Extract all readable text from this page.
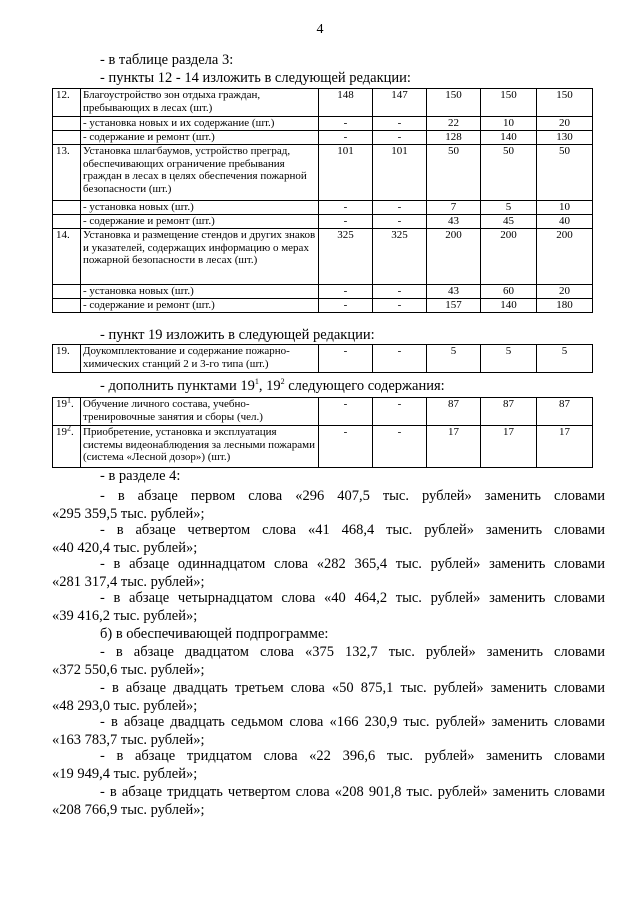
4
- в таблице раздела 3:
- пункты 12 - 14 изложить в следующей редакции:
12.	Благоустройство зон отдыха граждан, пребывающих в лесах (шт.)	148	147	150	150	150
	- установка новых и их содержание (шт.)	-	-	22	10	20
	- содержание и ремонт (шт.)	-	-	128	140	130
13.	Установка шлагбаумов, устройство преград, обеспечивающих ограничение пребывания граждан в лесах в целях обеспечения пожарной безопасности (шт.)	101	101	50	50	50
	- установка новых (шт.)	-	-	7	5	10
	- содержание и ремонт (шт.)	-	-	43	45	40
14.	Установка и размещение стендов и других знаков и указателей, содержащих информацию о мерах пожарной безопасности в лесах (шт.)	325	325	200	200	200
	- установка новых (шт.)	-	-	43	60	20
	- содержание и ремонт (шт.)	-	-	157	140	180
- пункт 19 изложить в следующей редакции:
19.	Доукомплектование и содержание пожарно-химических станций 2 и 3-го типа (шт.)	-	-	5	5	5
- дополнить пунктами $19^1$, $19^2$ следующего содержания:
$19^1$.	Обучение личного состава, учебно-тренировочные занятия и сборы (чел.)	-	-	87	87	87
$19^2$.	Приобретение, установка и эксплуатация системы видеонаблюдения за лесными пожарами (система «Лесной дозор») (шт.)	-	-	17	17	17
- в разделе 4:
- в абзаце первом слова «296 407,5 тыс. рублей» заменить словами
«295 359,5 тыс. рублей»;
- в абзаце четвертом слова «41 468,4 тыс. рублей» заменить словами
«40 420,4 тыс. рублей»;
- в абзаце одиннадцатом слова «282 365,4 тыс. рублей» заменить словами
«281 317,4 тыс. рублей»;
- в абзаце четырнадцатом слова «40 464,2 тыс. рублей» заменить словами
«39 416,2 тыс. рублей»;
б) в обеспечивающей подпрограмме:
- в абзаце двадцатом слова «375 132,7 тыс. рублей» заменить словами
«372 550,6 тыс. рублей»;
- в абзаце двадцать третьем слова «50 875,1 тыс. рублей» заменить словами
«48 293,0 тыс. рублей»;
- в абзаце двадцать седьмом слова «166 230,9 тыс. рублей» заменить словами
«163 783,7 тыс. рублей»;
- в абзаце тридцатом слова «22 396,6 тыс. рублей» заменить словами
«19 949,4 тыс. рублей»;
- в абзаце тридцать четвертом слова «208 901,8 тыс. рублей» заменить словами
«208 766,9 тыс. рублей»;
